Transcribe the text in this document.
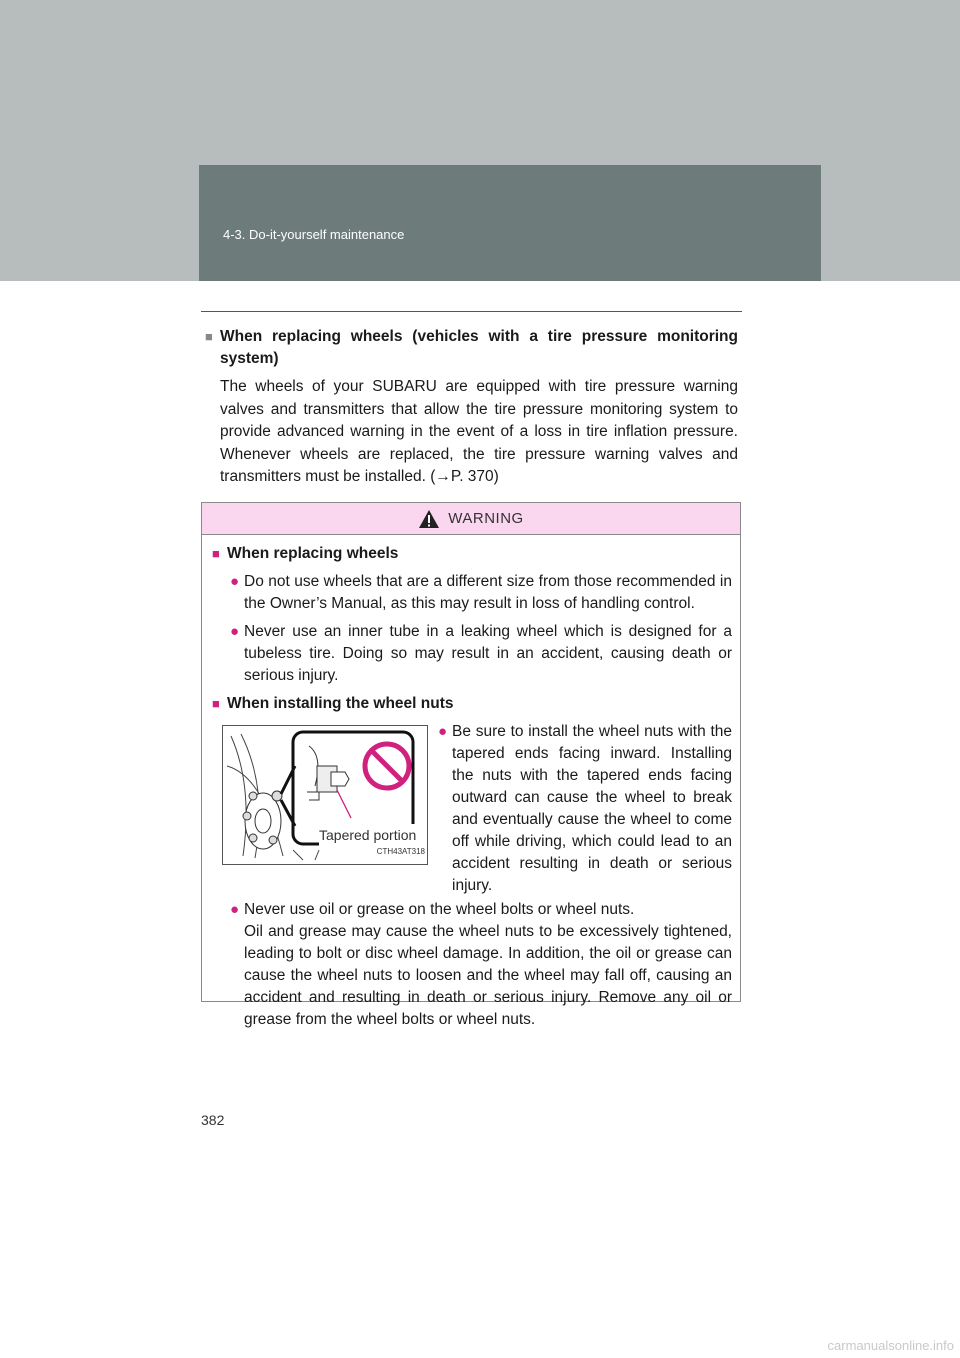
4-3. Do-it-yourself maintenance
■ When replacing wheels (vehicles with a tire pressure monitoring system)
The wheels of your SUBARU are equipped with tire pressure warning valves and transmitters that allow the tire pressure monitoring system to provide advanced warning in the event of a loss in tire inflation pressure. Whenever wheels are replaced, the tire pressure warning valves and transmitters must be installed. (→P. 370)
WARNING
■ When replacing wheels
● Do not use wheels that are a different size from those recommended in the Owner’s Manual, as this may result in loss of handling control.
● Never use an inner tube in a leaking wheel which is designed for a tubeless tire. Doing so may result in an accident, causing death or serious injury.
■ When installing the wheel nuts
Tapered portion
CTH43AT318
● Be sure to install the wheel nuts with the tapered ends facing inward. Installing the nuts with the tapered ends facing outward can cause the wheel to break and eventually cause the wheel to come off while driving, which could lead to an accident resulting in death or serious injury.
● Never use oil or grease on the wheel bolts or wheel nuts.
Oil and grease may cause the wheel nuts to be excessively tightened, leading to bolt or disc wheel damage. In addition, the oil or grease can cause the wheel nuts to loosen and the wheel may fall off, causing an accident and resulting in death or serious injury. Remove any oil or grease from the wheel bolts or wheel nuts.
382
carmanualsonline.info
